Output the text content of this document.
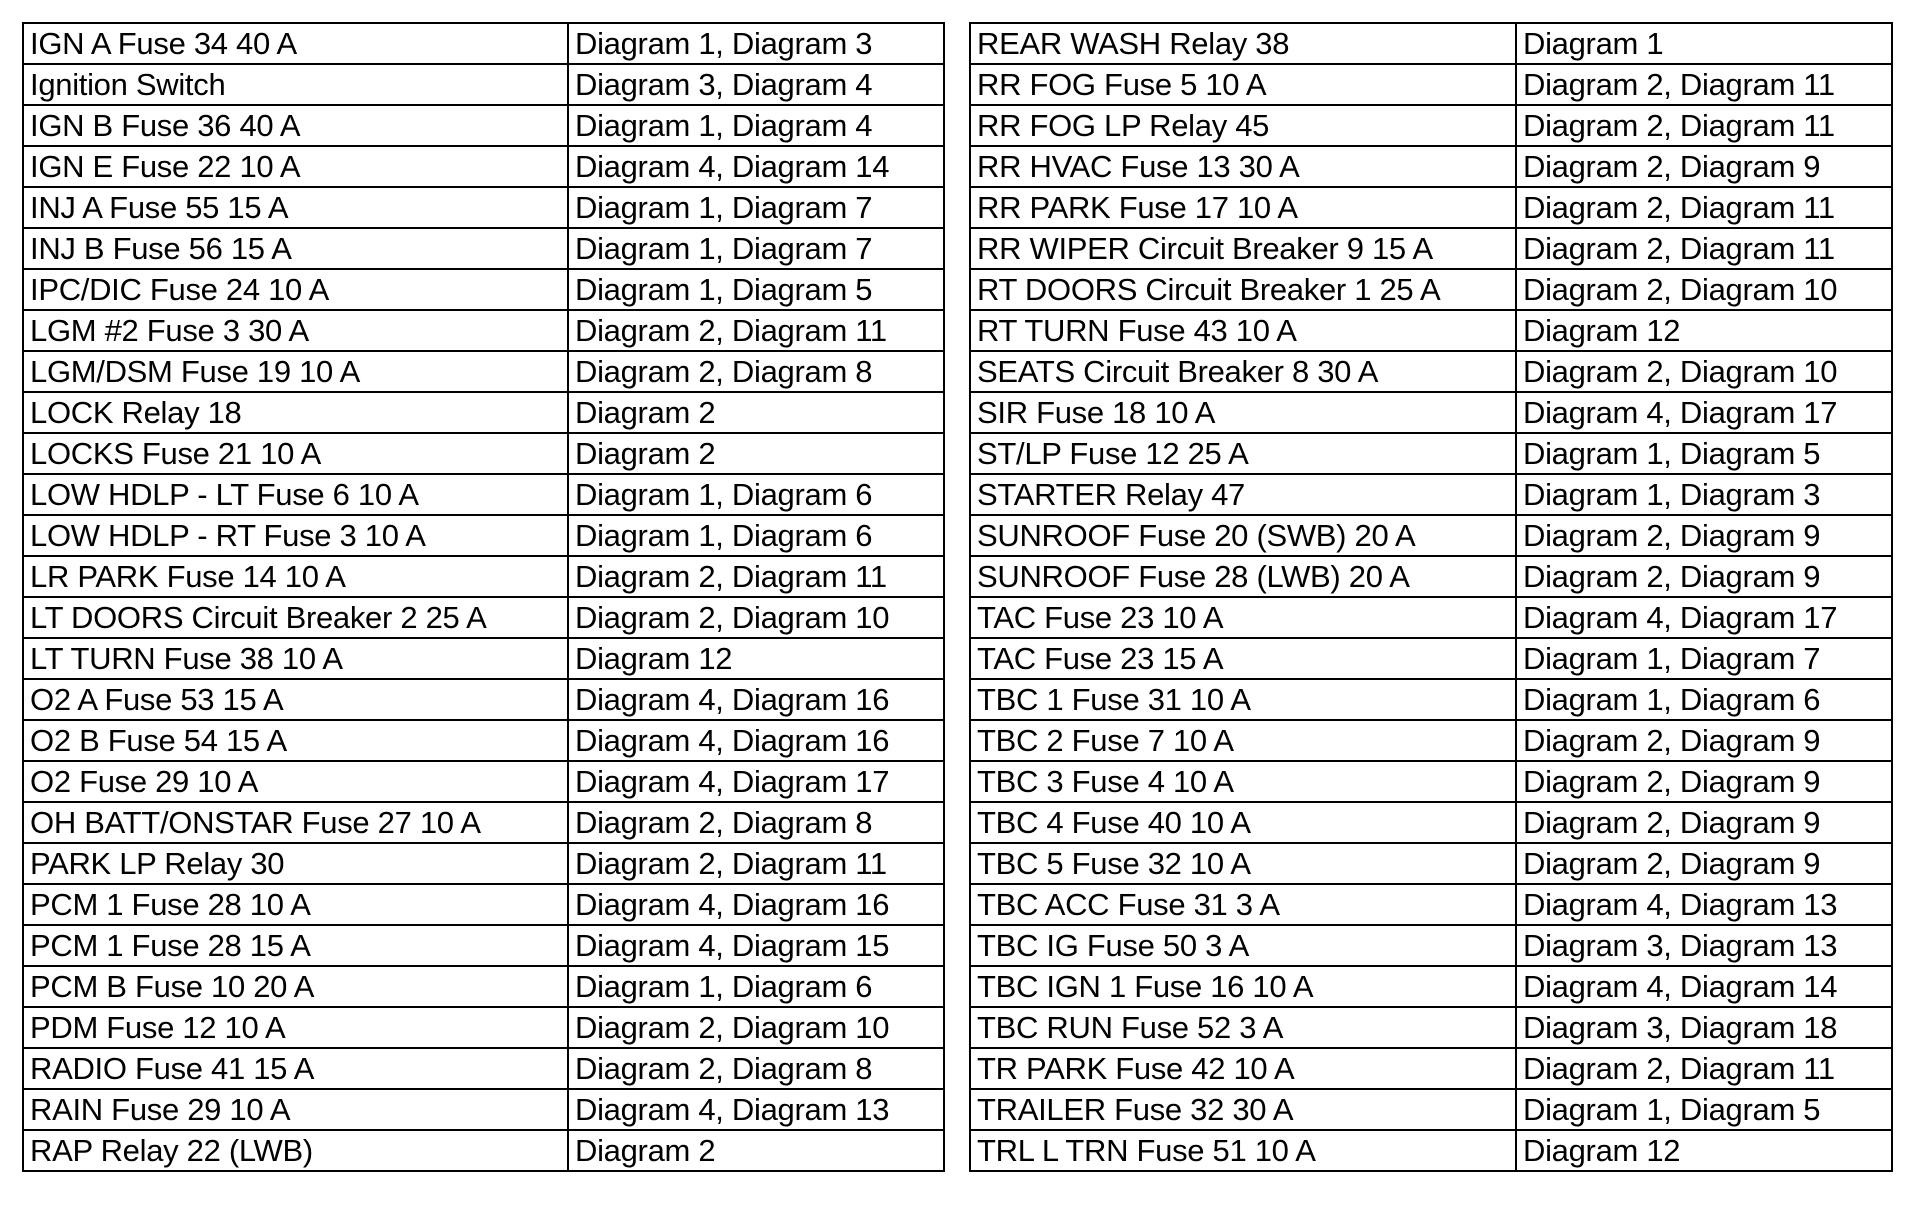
IGN A Fuse 34 40 A	Diagram 1, Diagram 3
Ignition Switch	Diagram 3, Diagram 4
IGN B Fuse 36 40 A	Diagram 1, Diagram 4
IGN E Fuse 22 10 A	Diagram 4, Diagram 14
INJ A Fuse 55 15 A	Diagram 1, Diagram 7
INJ B Fuse 56 15 A	Diagram 1, Diagram 7
IPC/DIC Fuse 24 10 A	Diagram 1, Diagram 5
LGM #2 Fuse 3 30 A	Diagram 2, Diagram 11
LGM/DSM Fuse 19 10 A	Diagram 2, Diagram 8
LOCK Relay 18	Diagram 2
LOCKS Fuse 21 10 A	Diagram 2
LOW HDLP - LT Fuse 6 10 A	Diagram 1, Diagram 6
LOW HDLP - RT Fuse 3 10 A	Diagram 1, Diagram 6
LR PARK Fuse 14 10 A	Diagram 2, Diagram 11
LT DOORS Circuit Breaker 2 25 A	Diagram 2, Diagram 10
LT TURN Fuse 38 10 A	Diagram 12
O2 A Fuse 53 15 A	Diagram 4, Diagram 16
O2 B Fuse 54 15 A	Diagram 4, Diagram 16
O2 Fuse 29 10 A	Diagram 4, Diagram 17
OH BATT/ONSTAR Fuse 27 10 A	Diagram 2, Diagram 8
PARK LP Relay 30	Diagram 2, Diagram 11
PCM 1 Fuse 28 10 A	Diagram 4, Diagram 16
PCM 1 Fuse 28 15 A	Diagram 4, Diagram 15
PCM B Fuse 10 20 A	Diagram 1, Diagram 6
PDM Fuse 12 10 A	Diagram 2, Diagram 10
RADIO Fuse 41 15 A	Diagram 2, Diagram 8
RAIN Fuse 29 10 A	Diagram 4, Diagram 13
RAP Relay 22 (LWB)	Diagram 2
REAR WASH Relay 38	Diagram 1
RR FOG Fuse 5 10 A	Diagram 2, Diagram 11
RR FOG LP Relay 45	Diagram 2, Diagram 11
RR HVAC Fuse 13 30 A	Diagram 2, Diagram 9
RR PARK Fuse 17 10 A	Diagram 2, Diagram 11
RR WIPER Circuit Breaker 9 15 A	Diagram 2, Diagram 11
RT DOORS Circuit Breaker 1 25 A	Diagram 2, Diagram 10
RT TURN Fuse 43 10 A	Diagram 12
SEATS Circuit Breaker 8 30 A	Diagram 2, Diagram 10
SIR Fuse 18 10 A	Diagram 4, Diagram 17
ST/LP Fuse 12 25 A	Diagram 1, Diagram 5
STARTER Relay 47	Diagram 1, Diagram 3
SUNROOF Fuse 20 (SWB) 20 A	Diagram 2, Diagram 9
SUNROOF Fuse 28 (LWB) 20 A	Diagram 2, Diagram 9
TAC Fuse 23 10 A	Diagram 4, Diagram 17
TAC Fuse 23 15 A	Diagram 1, Diagram 7
TBC 1 Fuse 31 10 A	Diagram 1, Diagram 6
TBC 2 Fuse 7 10 A	Diagram 2, Diagram 9
TBC 3 Fuse 4 10 A	Diagram 2, Diagram 9
TBC 4 Fuse 40 10 A	Diagram 2, Diagram 9
TBC 5 Fuse 32 10 A	Diagram 2, Diagram 9
TBC ACC Fuse 31 3 A	Diagram 4, Diagram 13
TBC IG Fuse 50 3 A	Diagram 3, Diagram 13
TBC IGN 1 Fuse 16 10 A	Diagram 4, Diagram 14
TBC RUN Fuse 52 3 A	Diagram 3, Diagram 18
TR PARK Fuse 42 10 A	Diagram 2, Diagram 11
TRAILER Fuse 32 30 A	Diagram 1, Diagram 5
TRL L TRN Fuse 51 10 A	Diagram 12
